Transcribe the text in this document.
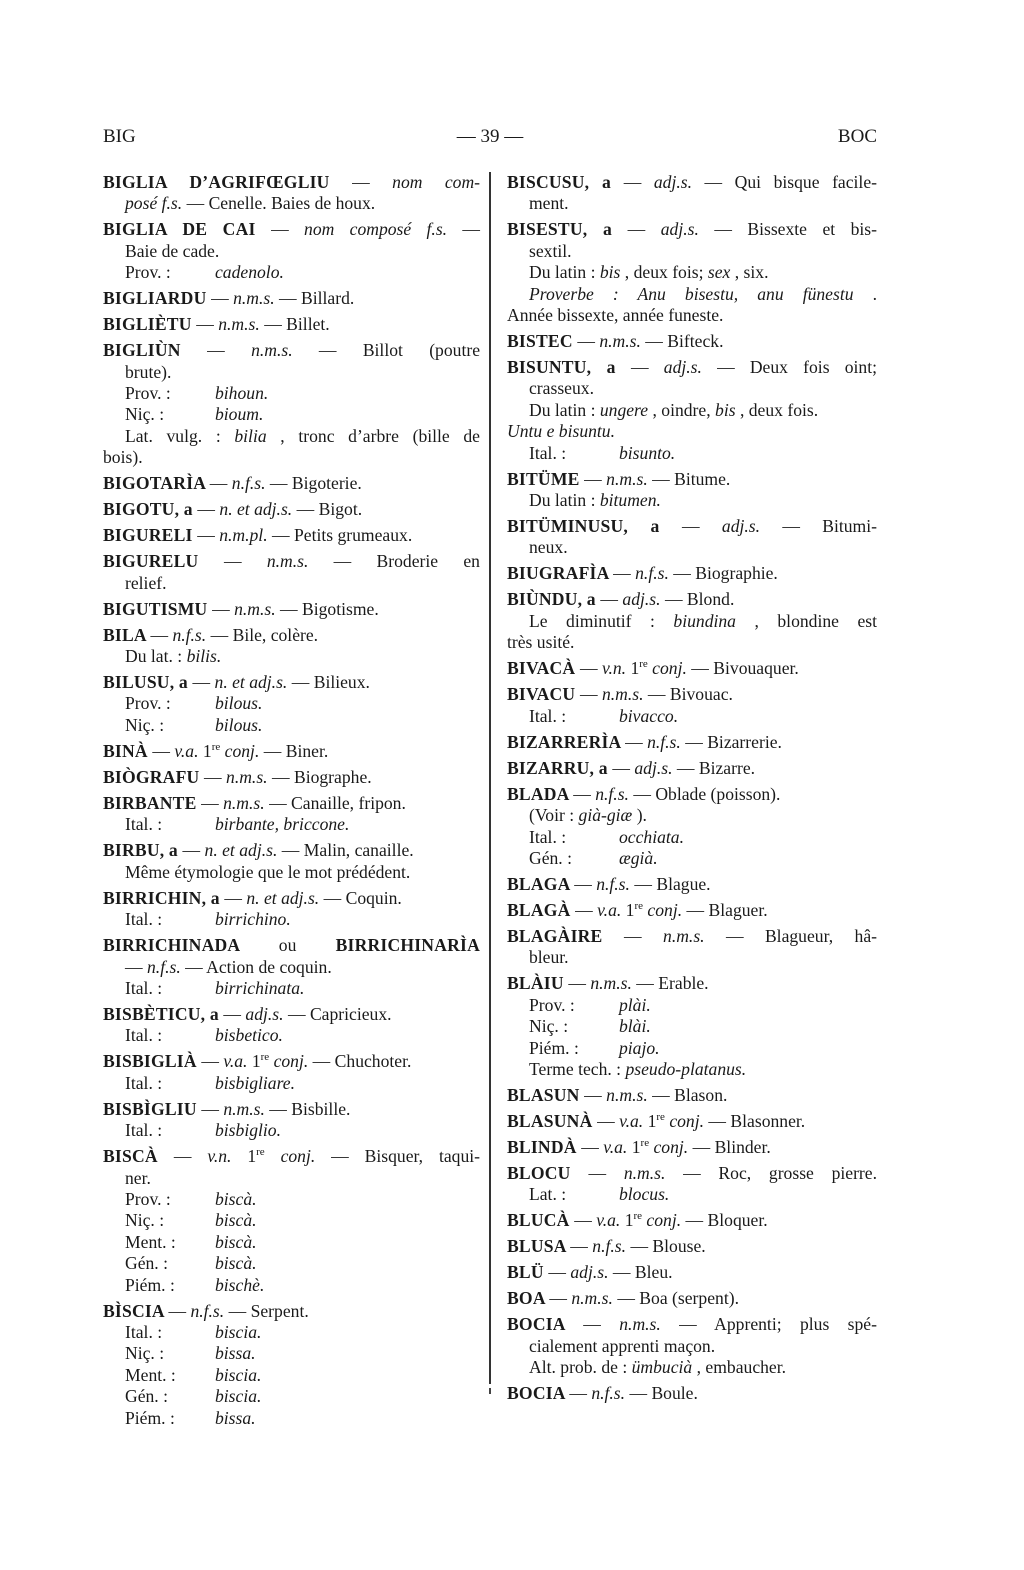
BIG	— 39 —	BOC
BIGLIA D’AGRIFŒGLIU — nom com-
posé f.s. — Cenelle. Baies de houx.
BIGLIA DE CAI — nom composé f.s. —
Baie de cade.
Prov. :	cadenolo.
BIGLIARDU — n.m.s. — Billard.
BIGLIÈTU — n.m.s. — Billet.
BIGLIÙN — n.m.s. — Billot (poutre
brute).
Prov. :	bihoun.
Niç. :	bioum.
Lat. vulg. : bilia , tronc d’arbre (bille de
bois).
BIGOTARÌA — n.f.s. — Bigoterie.
BIGOTU, a — n. et adj.s. — Bigot.
BIGURELI — n.m.pl. — Petits grumeaux.
BIGURELU — n.m.s. — Broderie en
relief.
BIGUTISMU — n.m.s. — Bigotisme.
BILA — n.f.s. — Bile, colère.
Du lat. : bilis.
BILUSU, a — n. et adj.s. — Bilieux.
Prov. :	bilous.
Niç. :	bilous.
BINÀ — v.a. 1re conj. — Biner.
BIÒGRAFU — n.m.s. — Biographe.
BIRBANTE — n.m.s. — Canaille, fripon.
Ital. :	birbante, briccone.
BIRBU, a — n. et adj.s. — Malin, canaille.
Même étymologie que le mot prédédent.
BIRRICHIN, a — n. et adj.s. — Coquin.
Ital. :	birrichino.
BIRRICHINADA ou BIRRICHINARÌA
— n.f.s. — Action de coquin.
Ital. :	birrichinata.
BISBÈTICU, a — adj.s. — Capricieux.
Ital. :	bisbetico.
BISBIGLIÀ — v.a. 1re conj. — Chuchoter.
Ital. :	bisbigliare.
BISBÌGLIU — n.m.s. — Bisbille.
Ital. :	bisbiglio.
BISCÀ — v.n. 1re conj. — Bisquer, taqui-
ner.
Prov. :	biscà.
Niç. :	biscà.
Ment. : biscà.
Gén. :	biscà.
Piém. : bischè.
BÌSCIA — n.f.s. — Serpent.
Ital. :	biscia.
Niç. :	bissa.
Ment. : biscia.
Gén. :	biscia.
Piém. : bissa.
BISCUSU, a — adj.s. — Qui bisque facile-
ment.
BISESTU, a — adj.s. — Bissexte et bis-
sextil.
Du latin : bis , deux fois; sex , six.
Proverbe : Anu bisestu, anu fünestu .
Année bissexte, année funeste.
BISTEC — n.m.s. — Bifteck.
BISUNTU, a — adj.s. — Deux fois oint;
crasseux.
Du latin : ungere , oindre, bis , deux fois.
Untu e bisuntu.
Ital. :	bisunto.
BITÜME — n.m.s. — Bitume.
Du latin : bitumen.
BITÜMINUSU, a — adj.s. — Bitumi-
neux.
BIUGRAFÌA — n.f.s. — Biographie.
BIÙNDU, a — adj.s. — Blond.
Le diminutif : biundina , blondine est
très usité.
BIVACÀ — v.n. 1re conj. — Bivouaquer.
BIVACU — n.m.s. — Bivouac.
Ital. :	bivacco.
BIZARRERÌA — n.f.s. — Bizarrerie.
BIZARRU, a — adj.s. — Bizarre.
BLADA — n.f.s. — Oblade (poisson).
(Voir : già-giæ ).
Ital. :	occhiata.
Gén. :	ægià.
BLAGA — n.f.s. — Blague.
BLAGÀ — v.a. 1re conj. — Blaguer.
BLAGÀIRE — n.m.s. — Blagueur, hâ-
bleur.
BLÀIU — n.m.s. — Erable.
Prov. :	plài.
Niç. :	blài.
Piém. : piajo.
Terme tech. : pseudo-platanus.
BLASUN — n.m.s. — Blason.
BLASUNÀ — v.a. 1re conj. — Blasonner.
BLINDÀ — v.a. 1re conj. — Blinder.
BLOCU — n.m.s. — Roc, grosse pierre.
Lat. :	blocus.
BLUCÀ — v.a. 1re conj. — Bloquer.
BLUSA — n.f.s. — Blouse.
BLÜ — adj.s. — Bleu.
BOA — n.m.s. — Boa (serpent).
BOCIA — n.m.s. — Apprenti; plus spé-
cialement apprenti maçon.
Alt. prob. de : ümbucià , embaucher.
BOCIA — n.f.s. — Boule.
